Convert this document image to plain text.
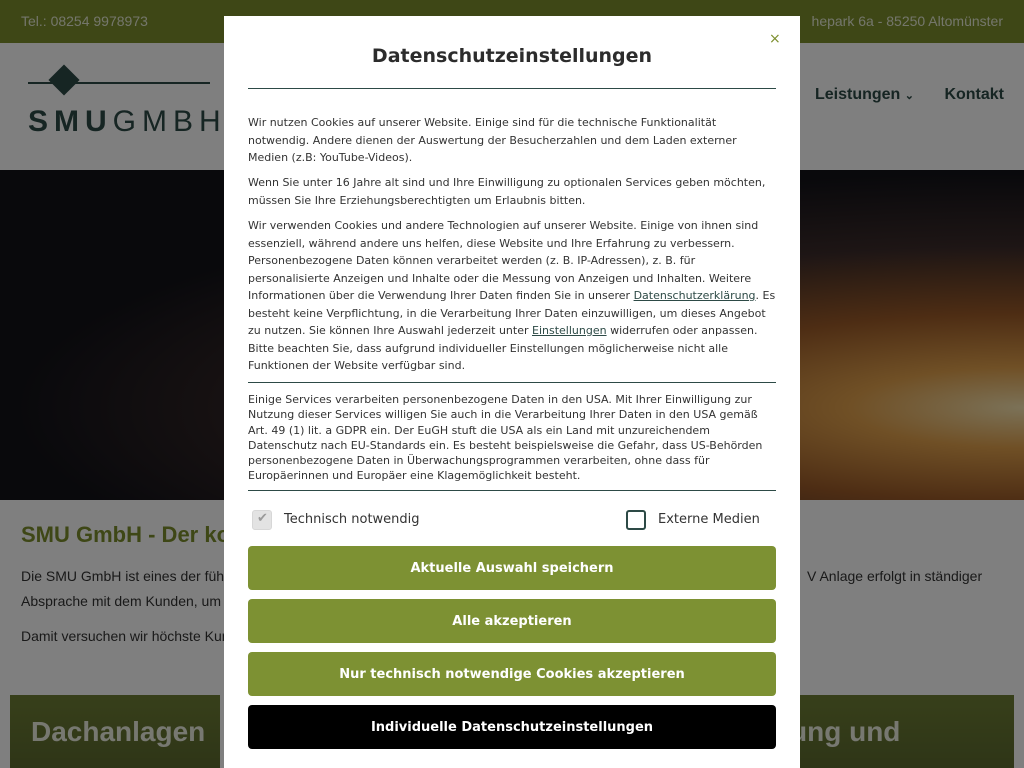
×
Datenschutzeinstellungen
Wir nutzen Cookies auf unserer Website. Einige sind für die technische Funktionalität notwendig. Andere dienen der Auswertung der Besucherzahlen und dem Laden externer Medien (z.B: YouTube-Videos).
Wenn Sie unter 16 Jahre alt sind und Ihre Einwilligung zu optionalen Services geben möchten, müssen Sie Ihre Erziehungsberechtigten um Erlaubnis bitten.
Wir verwenden Cookies und andere Technologien auf unserer Website. Einige von ihnen sind essenziell, während andere uns helfen, diese Website und Ihre Erfahrung zu verbessern. Personenbezogene Daten können verarbeitet werden (z. B. IP-Adressen), z. B. für personalisierte Anzeigen und Inhalte oder die Messung von Anzeigen und Inhalten. Weitere Informationen über die Verwendung Ihrer Daten finden Sie in unserer Datenschutzerklärung. Es besteht keine Verpflichtung, in die Verarbeitung Ihrer Daten einzuwilligen, um dieses Angebot zu nutzen. Sie können Ihre Auswahl jederzeit unter Einstellungen widerrufen oder anpassen. Bitte beachten Sie, dass aufgrund individueller Einstellungen möglicherweise nicht alle Funktionen der Website verfügbar sind.
Einige Services verarbeiten personenbezogene Daten in den USA. Mit Ihrer Einwilligung zur Nutzung dieser Services willigen Sie auch in die Verarbeitung Ihrer Daten in den USA gemäß Art. 49 (1) lit. a GDPR ein. Der EuGH stuft die USA als ein Land mit unzureichendem Datenschutz nach EU-Standards ein. Es besteht beispielsweise die Gefahr, dass US-Behörden personenbezogene Daten in Überwachungsprogrammen verarbeiten, ohne dass für Europäerinnen und Europäer eine Klagemöglichkeit besteht.
✔
Technisch notwendig	Externe Medien
Aktuelle Auswahl speichern
Alle akzeptieren
Nur technisch notwendige Cookies akzeptieren
Individuelle Datenschutzeinstellungen
